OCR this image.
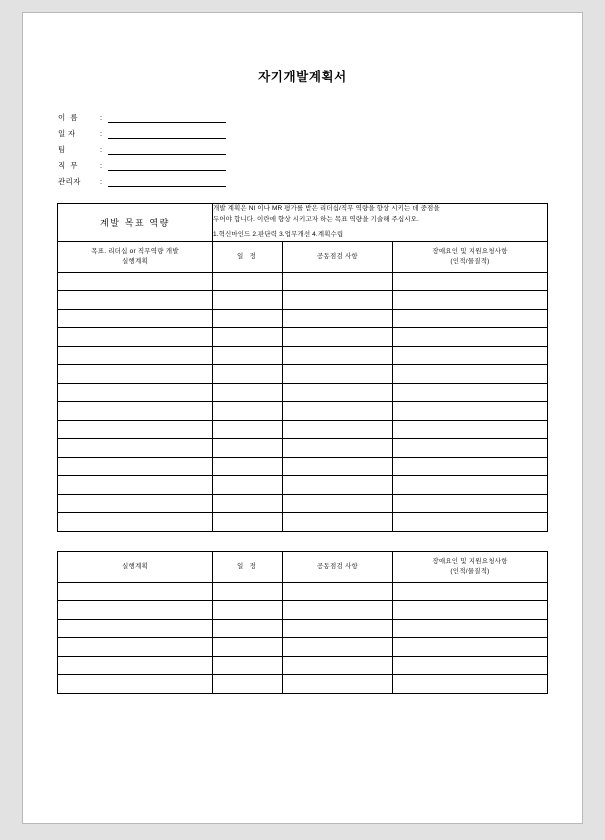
자기개발계획서
이  름	:
일 자	:
팀	:
직  무	:
관리자	:
계발 목표 역량	개발 계획은 NI 이나 MR 평가를 받은 리더십/직무 역량을 향상 시키는 데 중점을
두어야 합니다. 이란에 향상 시키고자 하는 목표 역량을 기술해 주십시오.
1.혁신마인드 2.판단력 3.업무개선 4.계획수립		

목표. 리더십 or 직무역량 개발
실행계획	일 정	공동점검 사항	장애요인 및 지원요청사항
(인적/물질적)

실행계획	일 정	공동점검 사항	장애요인 및 지원요청사항
(인적/물질적)
